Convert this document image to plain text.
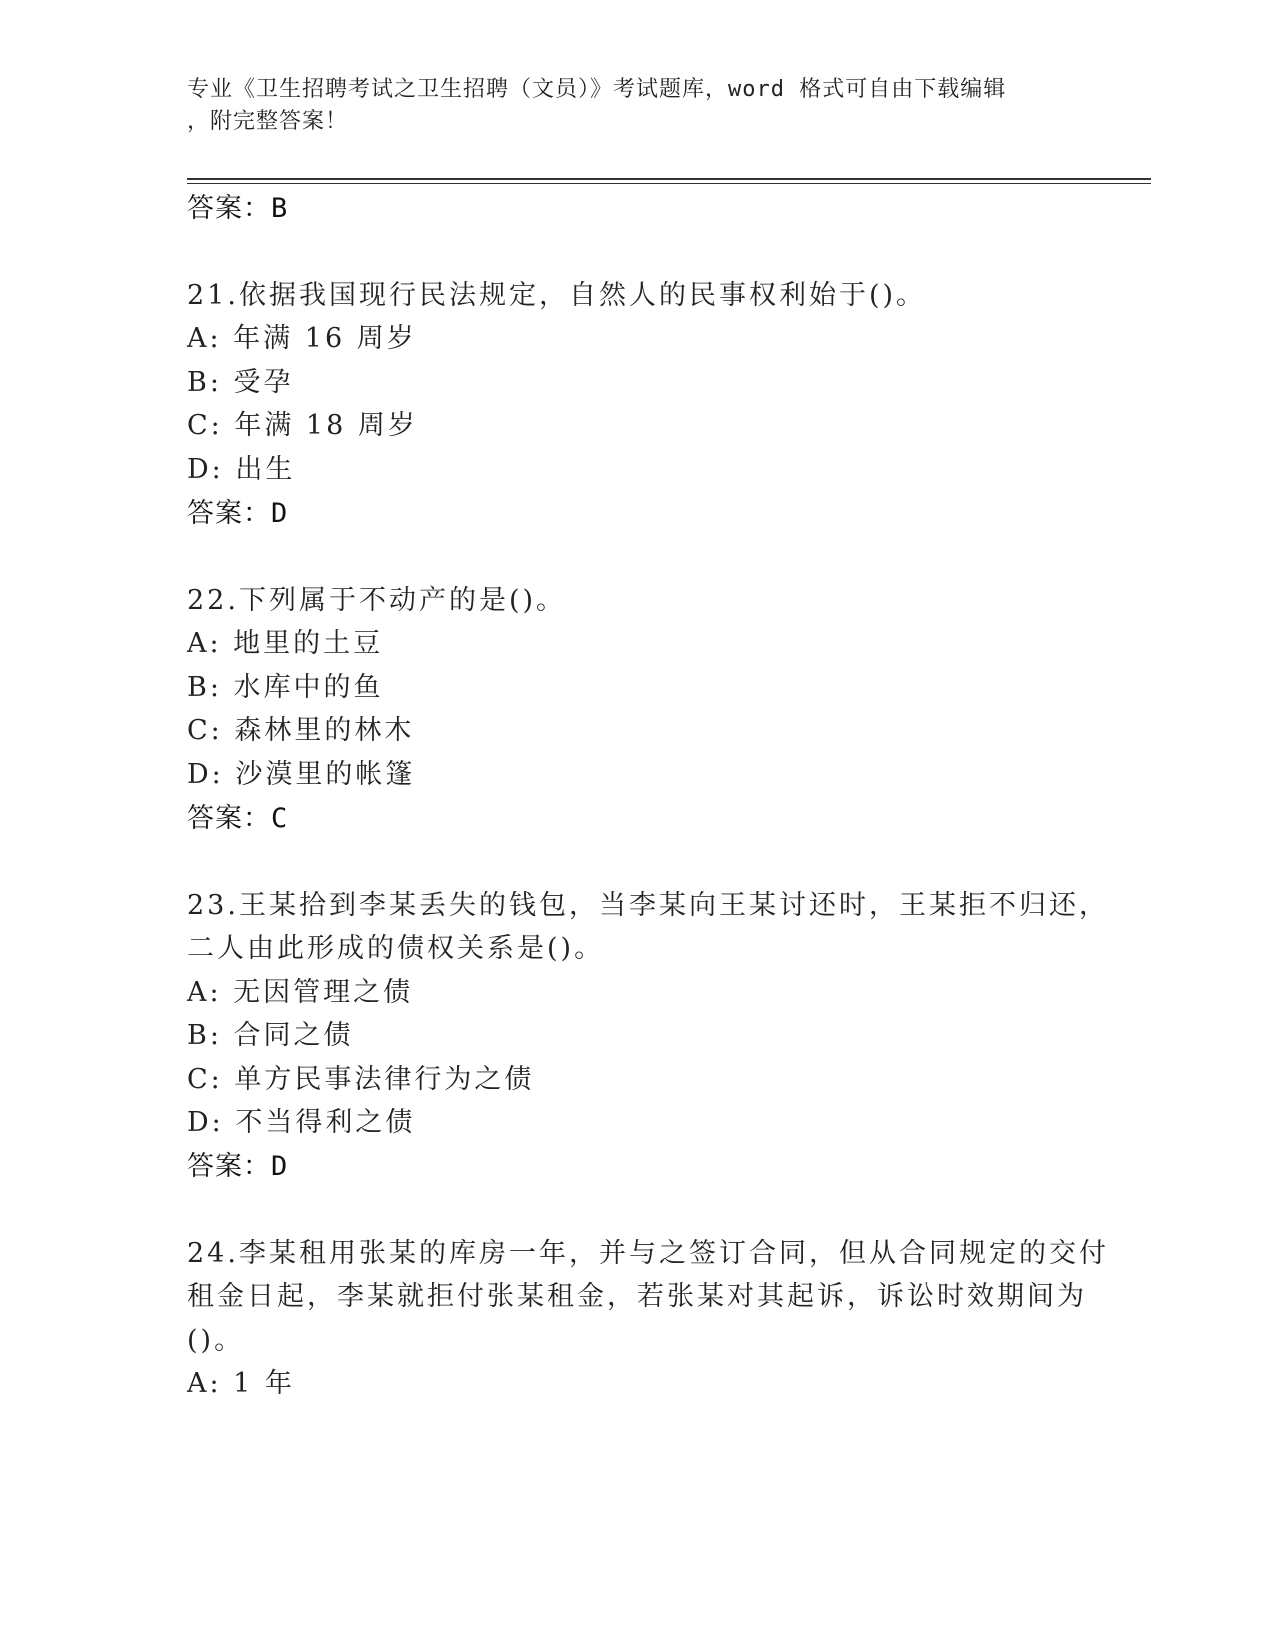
专业《卫生招聘考试之卫生招聘（文员）》考试题库，word 格式可自由下载编辑
，附完整答案！
答案：B
21.依据我国现行民法规定，自然人的民事权利始于()。
A: 年满 16 周岁
B: 受孕
C: 年满 18 周岁
D: 出生
答案：D
22.下列属于不动产的是()。
A: 地里的土豆
B: 水库中的鱼
C: 森林里的林木
D: 沙漠里的帐篷
答案：C
23.王某拾到李某丢失的钱包，当李某向王某讨还时，王某拒不归还，
二人由此形成的债权关系是()。
A: 无因管理之债
B: 合同之债
C: 单方民事法律行为之债
D: 不当得利之债
答案：D
24.李某租用张某的库房一年，并与之签订合同，但从合同规定的交付
租金日起，李某就拒付张某租金，若张某对其起诉，诉讼时效期间为
()。
A: 1 年
